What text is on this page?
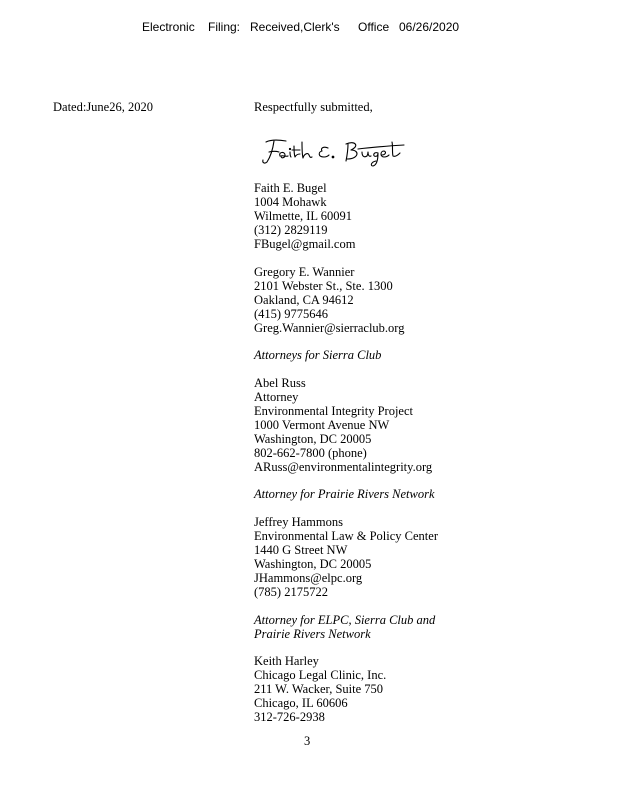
Electronic Filing: Received,Clerk's Office 06/26/2020
Dated:June26, 2020	Respectfully submitted,
Faith E. Bugel
1004 Mohawk
Wilmette, IL 60091
(312) 2829119
FBugel@gmail.com
Gregory E. Wannier
2101 Webster St., Ste. 1300
Oakland, CA 94612
(415) 9775646
Greg.Wannier@sierraclub.org
Attorneys for Sierra Club
Abel Russ
Attorney
Environmental Integrity Project
1000 Vermont Avenue NW
Washington, DC 20005
802-662-7800 (phone)
ARuss@environmentalintegrity.org
Attorney for Prairie Rivers Network
Jeffrey Hammons
Environmental Law & Policy Center
1440 G Street NW
Washington, DC 20005
JHammons@elpc.org
(785) 2175722
Attorney for ELPC, Sierra Club and
Prairie Rivers Network
Keith Harley
Chicago Legal Clinic, Inc.
211 W. Wacker, Suite 750
Chicago, IL 60606
312-726-2938
3
